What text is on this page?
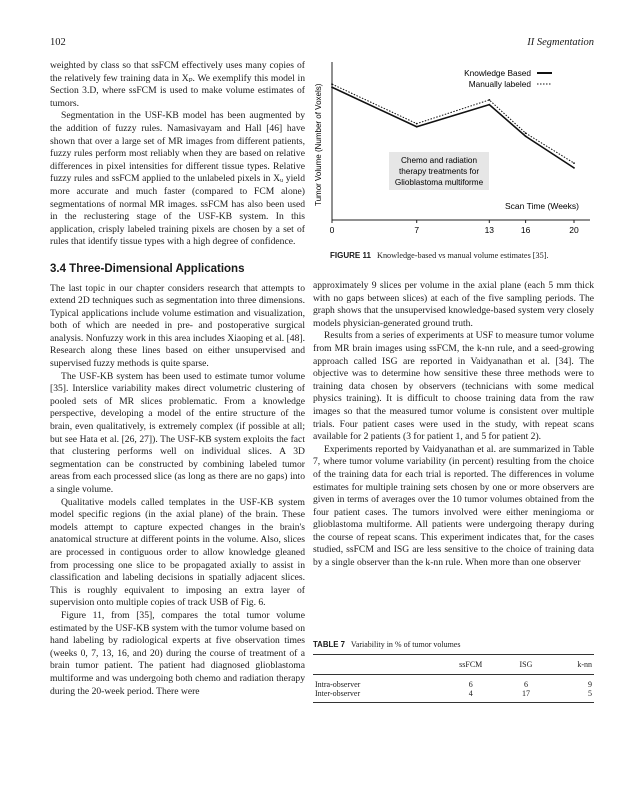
102	II Segmentation

weighted by class so that ssFCM effectively uses many copies of the relatively few training data in Xₚ. We exemplify this model in Section 3.D, where ssFCM is used to make volume estimates of tumors.

Segmentation in the USF-KB model has been augmented by the addition of fuzzy rules. Namasivayam and Hall [46] have shown that over a large set of MR images from different patients, fuzzy rules perform most reliably when they are based on relative differences in pixel intensities for different tissue types. Relative fuzzy rules and ssFCM applied to the unlabeled pixels in Xᵤ yield more accurate and much faster (compared to FCM alone) segmentations of normal MR images. ssFCM has also been used in the reclustering stage of the USF-KB system. In this application, crisply labeled training pixels are chosen by a set of rules that identify tissue types with a high degree of confidence.

3.4 Three-Dimensional Applications

The last topic in our chapter considers research that attempts to extend 2D techniques such as segmentation into three dimensions. Typical applications include volume estimation and visualization, both of which are needed in pre- and postoperative surgical analysis. Nonfuzzy work in this area includes Xiaoping et al. [48]. Research along these lines based on either unsupervised and supervised fuzzy methods is quite sparse.

The USF-KB system has been used to estimate tumor volume [35]. Interslice variability makes direct volumetric clustering of pooled sets of MR slices problematic. From a knowledge perspective, developing a model of the entire structure of the brain, even qualitatively, is extremely complex (if possible at all; but see Hata et al. [26, 27]). The USF-KB system exploits the fact that clustering performs well on individual slices. A 3D segmentation can be constructed by combining labeled tumor areas from each processed slice (as long as there are no gaps) into a single volume.

Qualitative models called templates in the USF-KB system model specific regions (in the axial plane) of the brain. These models attempt to capture expected changes in the brain's anatomical structure at different points in the volume. Also, slices are processed in contiguous order to allow knowledge gleaned from processing one slice to be propagated axially to assist in classification and labeling decisions in spatially adjacent slices. This is roughly equivalent to imposing an extra layer of supervision onto multiple copies of track USB of Fig. 6.

Figure 11, from [35], compares the total tumor volume estimated by the USF-KB system with the tumor volume based on hand labeling by radiological experts at five observation times (weeks 0, 7, 13, 16, and 20) during the course of treatment of a brain tumor patient. The patient had diagnosed glioblastoma multiforme and was undergoing both chemo and radiation therapy during the 20-week period. There were

Tumor Volume (Number of Voxels)	Scan Time (Weeks)
Chemo and radiation
therapy treatments for
Glioblastoma multiforme
Knowledge Based
Manually labeled
0	7	13	16	20
FIGURE 11 Knowledge-based vs manual volume estimates [35].

approximately 9 slices per volume in the axial plane (each 5 mm thick with no gaps between slices) at each of the five sampling periods. The graph shows that the unsupervised knowledge-based system very closely models physician-generated ground truth.

Results from a series of experiments at USF to measure tumor volume from MR brain images using ssFCM, the k-nn rule, and a seed-growing approach called ISG are reported in Vaidyanathan et al. [34]. The objective was to determine how sensitive these three methods were to training data chosen by observers (technicians with some medical physics training). It is difficult to choose training data from the raw images so that the measured tumor volume is consistent over multiple trials. Four patient cases were used in the study, with repeat scans available for 2 patients (3 for patient 1, and 5 for patient 2).

Experiments reported by Vaidyanathan et al. are summarized in Table 7, where tumor volume variability (in percent) resulting from the choice of the training data for each trial is reported. The differences in volume estimates for multiple training sets chosen by one or more observers are given in terms of averages over the 10 tumor volumes obtained from the four patient cases. The tumors involved were either meningioma or glioblastoma multiforme. All patients were undergoing therapy during the course of repeat scans. This experiment indicates that, for the cases studied, ssFCM and ISG are less sensitive to the choice of training data by a single observer than the k-nn rule. When more than one observer

TABLE 7 Variability in % of tumor volumes
	ssFCM	ISG	k-nn
Intra-observer	6	6	9
Inter-observer	4	17	5
